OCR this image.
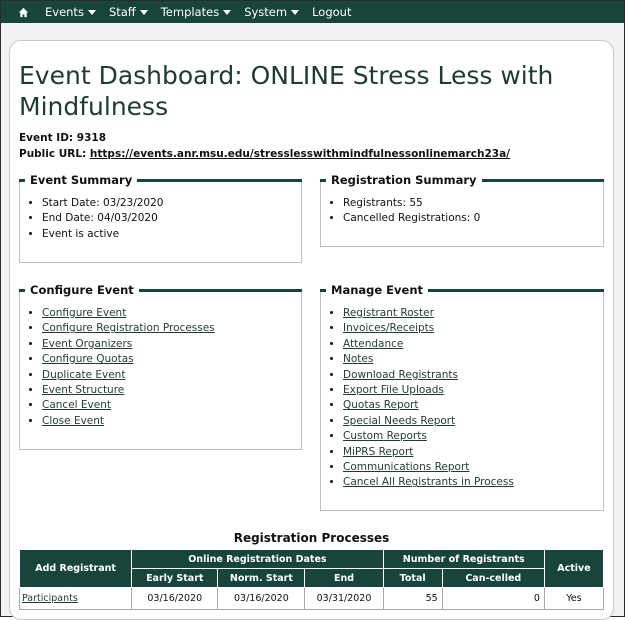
Events Staff Templates System Logout
Event Dashboard: ONLINE Stress Less with Mindfulness
Event ID: 9318
Public URL: https://events.anr.msu.edu/stresslesswithmindfulnessonlinemarch23a/
Event Summary
• Start Date: 03/23/2020
• End Date: 04/03/2020
• Event is active
Registration Summary
• Registrants: 55
• Cancelled Registrations: 0
Configure Event
• Configure Event
• Configure Registration Processes
• Event Organizers
• Configure Quotas
• Duplicate Event
• Event Structure
• Cancel Event
• Close Event
Manage Event
• Registrant Roster
• Invoices/Receipts
• Attendance
• Notes
• Download Registrants
• Export File Uploads
• Quotas Report
• Special Needs Report
• Custom Reports
• MiPRS Report
• Communications Report
• Cancel All Registrants in Process
Registration Processes
Add Registrant	Online Registration Dates			Number of Registrants		Active
	Early Start	Norm. Start	End	Total	Can-celled	
Participants	03/16/2020	03/16/2020	03/31/2020	55	0	Yes
